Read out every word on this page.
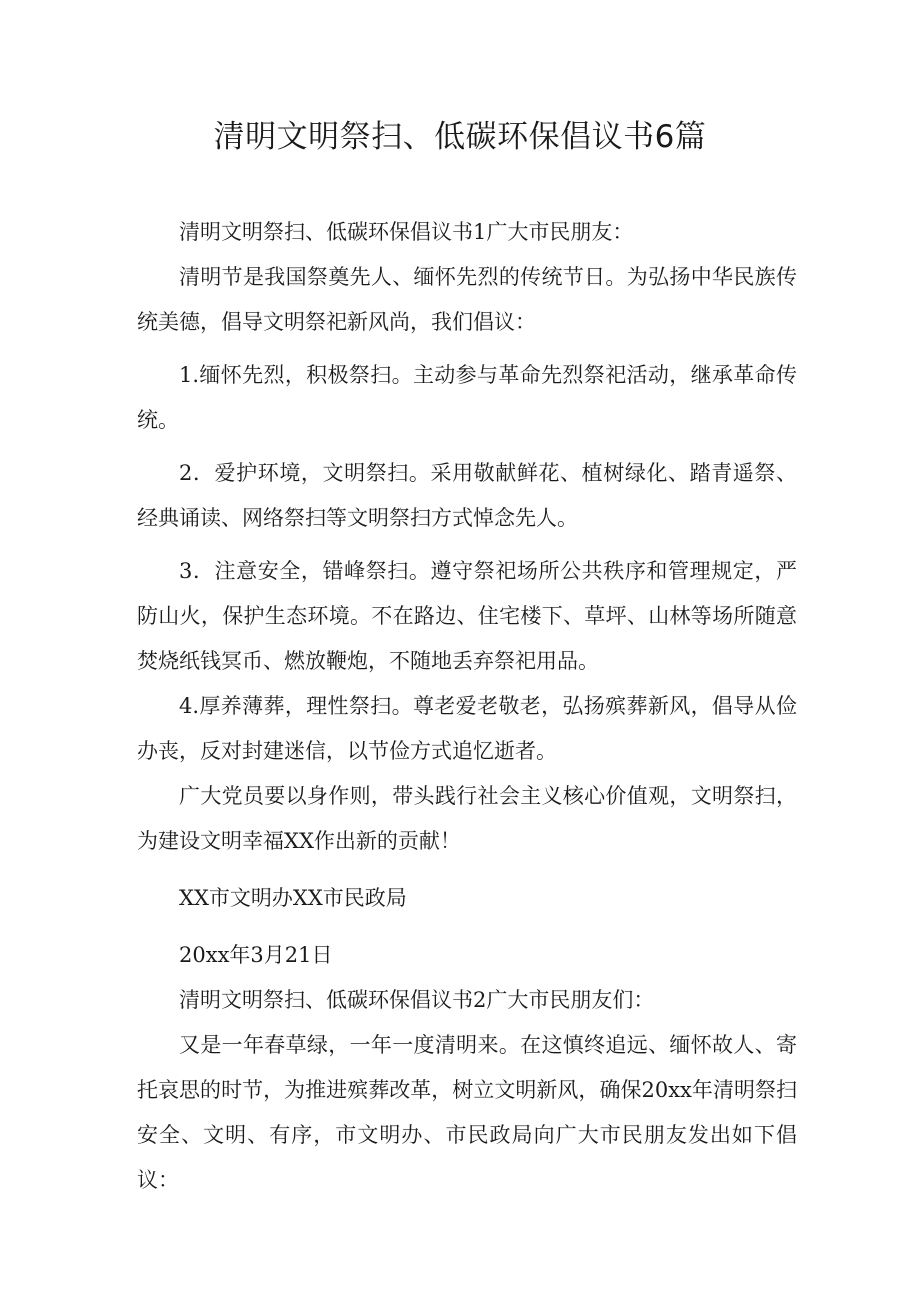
清明文明祭扫、低碳环保倡议书6篇

清明文明祭扫、低碳环保倡议书1广大市民朋友：

清明节是我国祭奠先人、缅怀先烈的传统节日。为弘扬中华民族传统美德，倡导文明祭祀新风尚，我们倡议：

1.缅怀先烈，积极祭扫。主动参与革命先烈祭祀活动，继承革命传统。

2．爱护环境，文明祭扫。采用敬献鲜花、植树绿化、踏青遥祭、经典诵读、网络祭扫等文明祭扫方式悼念先人。

3．注意安全，错峰祭扫。遵守祭祀场所公共秩序和管理规定，严防山火，保护生态环境。不在路边、住宅楼下、草坪、山林等场所随意焚烧纸钱冥币、燃放鞭炮，不随地丢弃祭祀用品。

4.厚养薄葬，理性祭扫。尊老爱老敬老，弘扬殡葬新风，倡导从俭办丧，反对封建迷信，以节俭方式追忆逝者。

广大党员要以身作则，带头践行社会主义核心价值观，文明祭扫，为建设文明幸福XX作出新的贡献！

XX市文明办XX市民政局

20xx年3月21日

清明文明祭扫、低碳环保倡议书2广大市民朋友们：

又是一年春草绿，一年一度清明来。在这慎终追远、缅怀故人、寄托哀思的时节，为推进殡葬改革，树立文明新风，确保20xx年清明祭扫安全、文明、有序，市文明办、市民政局向广大市民朋友发出如下倡议：
